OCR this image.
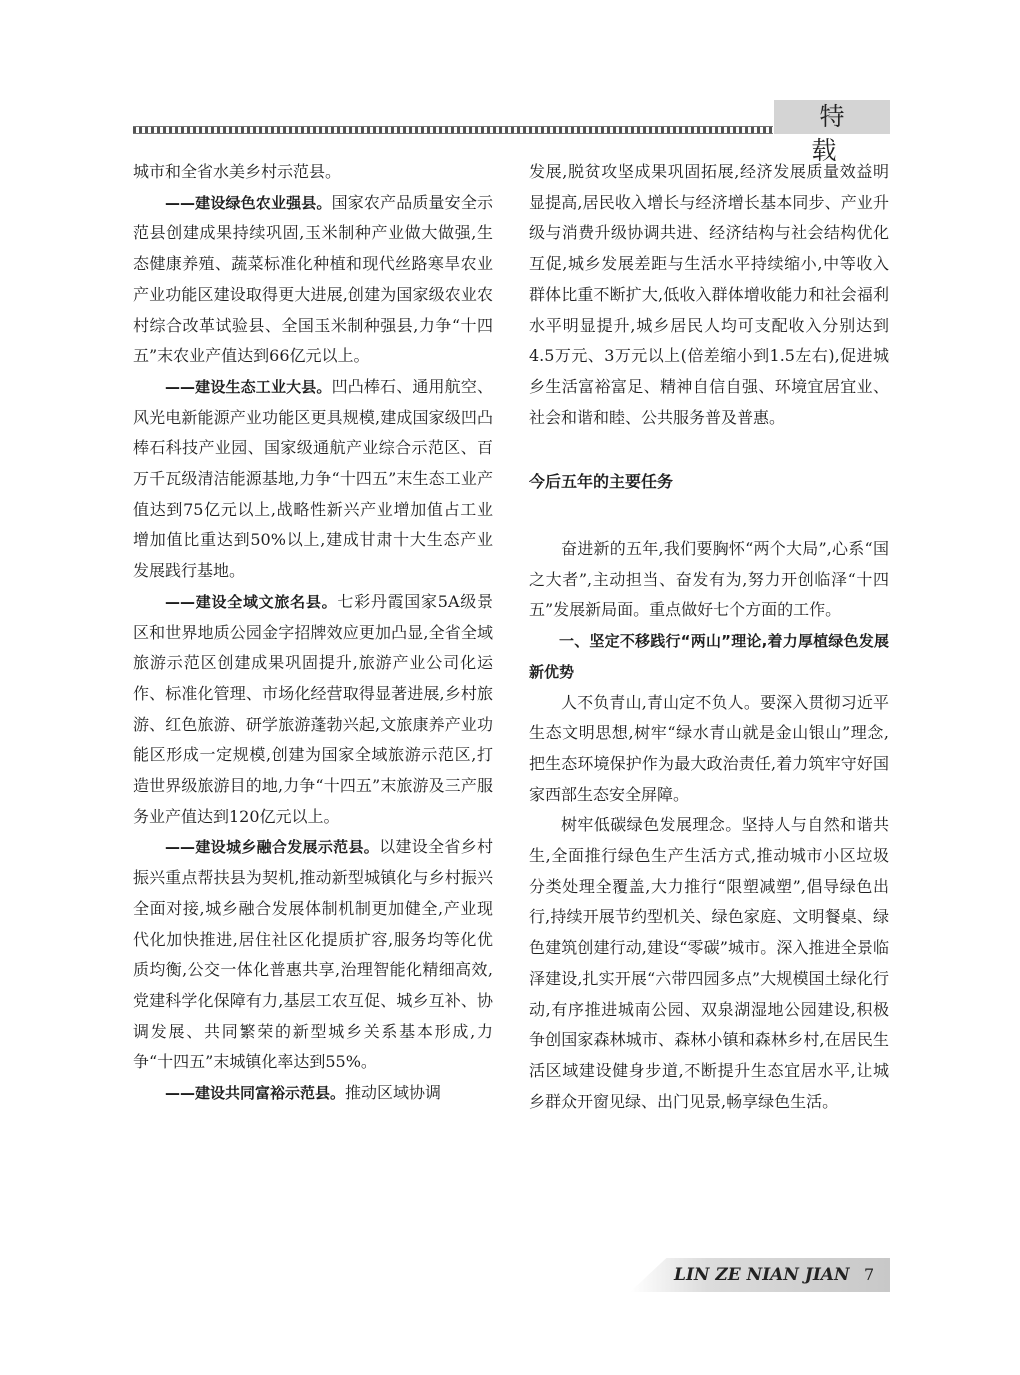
特 载

城市和全省水美乡村示范县。

——建设绿色农业强县。国家农产品质量安全示范县创建成果持续巩固,玉米制种产业做大做强,生态健康养殖、蔬菜标准化种植和现代丝路寒旱农业产业功能区建设取得更大进展,创建为国家级农业农村综合改革试验县、全国玉米制种强县,力争“十四五”末农业产值达到66亿元以上。

——建设生态工业大县。凹凸棒石、通用航空、风光电新能源产业功能区更具规模,建成国家级凹凸棒石科技产业园、国家级通航产业综合示范区、百万千瓦级清洁能源基地,力争“十四五”末生态工业产值达到75亿元以上,战略性新兴产业增加值占工业增加值比重达到50%以上,建成甘肃十大生态产业发展践行基地。

——建设全域文旅名县。七彩丹霞国家5A级景区和世界地质公园金字招牌效应更加凸显,全省全域旅游示范区创建成果巩固提升,旅游产业公司化运作、标准化管理、市场化经营取得显著进展,乡村旅游、红色旅游、研学旅游蓬勃兴起,文旅康养产业功能区形成一定规模,创建为国家全域旅游示范区,打造世界级旅游目的地,力争“十四五”末旅游及三产服务业产值达到120亿元以上。

——建设城乡融合发展示范县。以建设全省乡村振兴重点帮扶县为契机,推动新型城镇化与乡村振兴全面对接,城乡融合发展体制机制更加健全,产业现代化加快推进,居住社区化提质扩容,服务均等化优质均衡,公交一体化普惠共享,治理智能化精细高效,党建科学化保障有力,基层工农互促、城乡互补、协调发展、共同繁荣的新型城乡关系基本形成,力争“十四五”末城镇化率达到55%。

——建设共同富裕示范县。推动区域协调

发展,脱贫攻坚成果巩固拓展,经济发展质量效益明显提高,居民收入增长与经济增长基本同步、产业升级与消费升级协调共进、经济结构与社会结构优化互促,城乡发展差距与生活水平持续缩小,中等收入群体比重不断扩大,低收入群体增收能力和社会福利水平明显提升,城乡居民人均可支配收入分别达到4.5万元、3万元以上(倍差缩小到1.5左右),促进城乡生活富裕富足、精神自信自强、环境宜居宜业、社会和谐和睦、公共服务普及普惠。

今后五年的主要任务

奋进新的五年,我们要胸怀“两个大局”,心系“国之大者”,主动担当、奋发有为,努力开创临泽“十四五”发展新局面。重点做好七个方面的工作。

一、坚定不移践行“两山”理论,着力厚植绿色发展新优势

人不负青山,青山定不负人。要深入贯彻习近平生态文明思想,树牢“绿水青山就是金山银山”理念,把生态环境保护作为最大政治责任,着力筑牢守好国家西部生态安全屏障。

树牢低碳绿色发展理念。坚持人与自然和谐共生,全面推行绿色生产生活方式,推动城市小区垃圾分类处理全覆盖,大力推行“限塑减塑”,倡导绿色出行,持续开展节约型机关、绿色家庭、文明餐桌、绿色建筑创建行动,建设“零碳”城市。深入推进全景临泽建设,扎实开展“六带四园多点”大规模国土绿化行动,有序推进城南公园、双泉湖湿地公园建设,积极争创国家森林城市、森林小镇和森林乡村,在居民生活区域建设健身步道,不断提升生态宜居水平,让城乡群众开窗见绿、出门见景,畅享绿色生活。

LIN ZE NIAN JIAN 7
